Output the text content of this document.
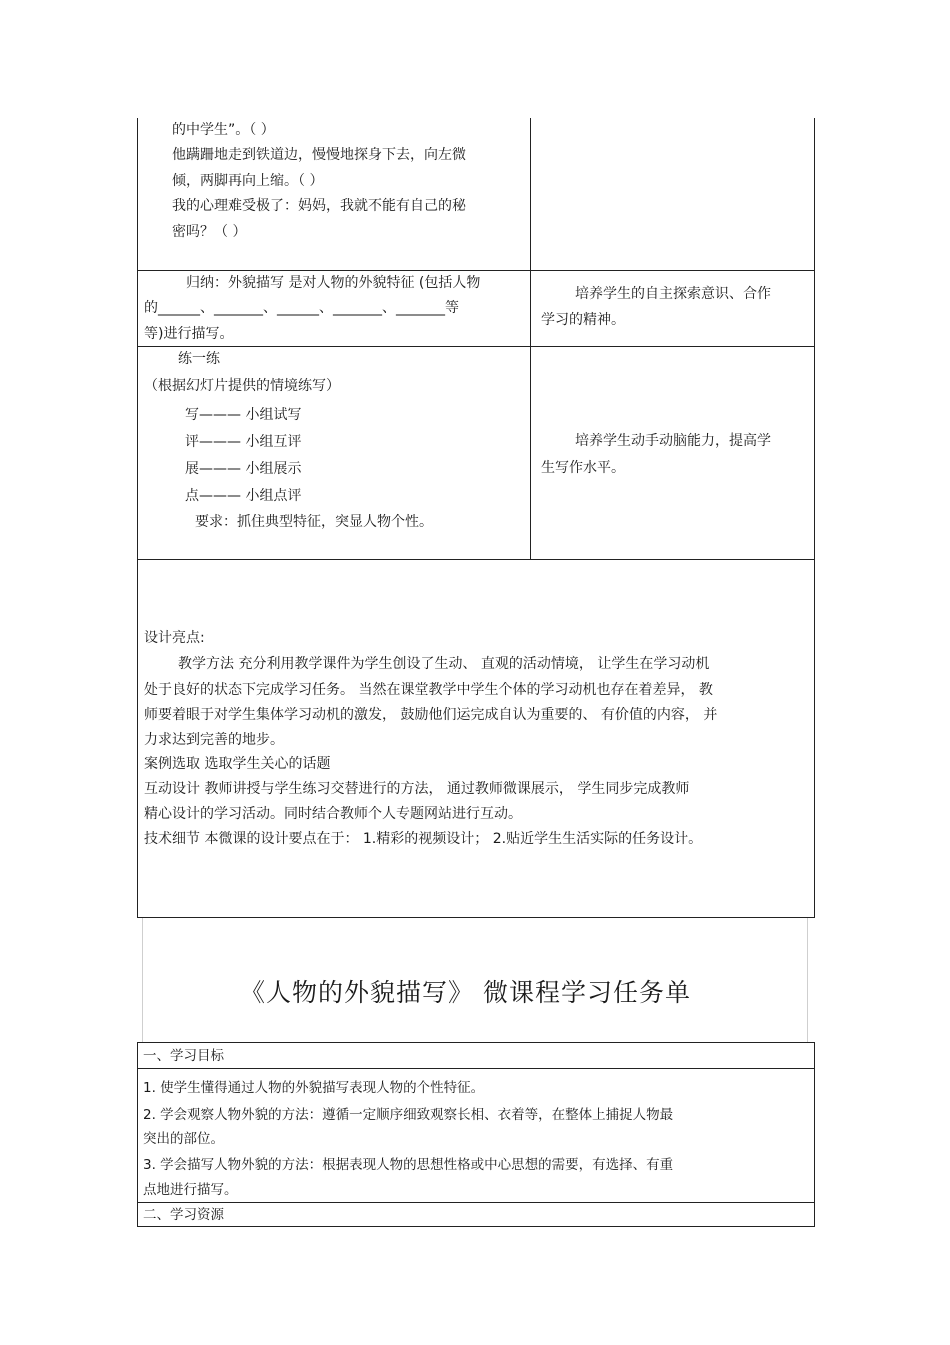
的中学生”。（ ）
他蹒跚地走到铁道边，慢慢地探身下去，向左微
倾，两脚再向上缩。（ ）
我的心理难受极了：妈妈，我就不能有自己的秘
密吗？（ ）
归纳：外貌描写 是对人物的外貌特征 (包括人物
的______、_______、______、_______、_______等
等)进行描写。
培养学生的自主探索意识、合作
学习的精神。
练一练
（根据幻灯片提供的情境练写）
写——— 小组试写
评——— 小组互评
展——— 小组展示
点——— 小组点评
要求：抓住典型特征，突显人物个性。
培养学生动手动脑能力，提高学
生写作水平。
设计亮点:
教学方法 充分利用教学课件为学生创设了生动、 直观的活动情境， 让学生在学习动机
处于良好的状态下完成学习任务。 当然在课堂教学中学生个体的学习动机也存在着差异， 教
师要着眼于对学生集体学习动机的激发， 鼓励他们运完成自认为重要的、 有价值的内容， 并
力求达到完善的地步。
案例选取 选取学生关心的话题
互动设计 教师讲授与学生练习交替进行的方法， 通过教师微课展示， 学生同步完成教师
精心设计的学习活动。同时结合教师个人专题网站进行互动。
技术细节 本微课的设计要点在于： 1.精彩的视频设计； 2.贴近学生生活实际的任务设计。
《人物的外貌描写》 微课程学习任务单
一、学习目标
1. 使学生懂得通过人物的外貌描写表现人物的个性特征。
2. 学会观察人物外貌的方法：遵循一定顺序细致观察长相、衣着等，在整体上捕捉人物最
突出的部位。
3. 学会描写人物外貌的方法：根据表现人物的思想性格或中心思想的需要，有选择、有重
点地进行描写。
二、学习资源
